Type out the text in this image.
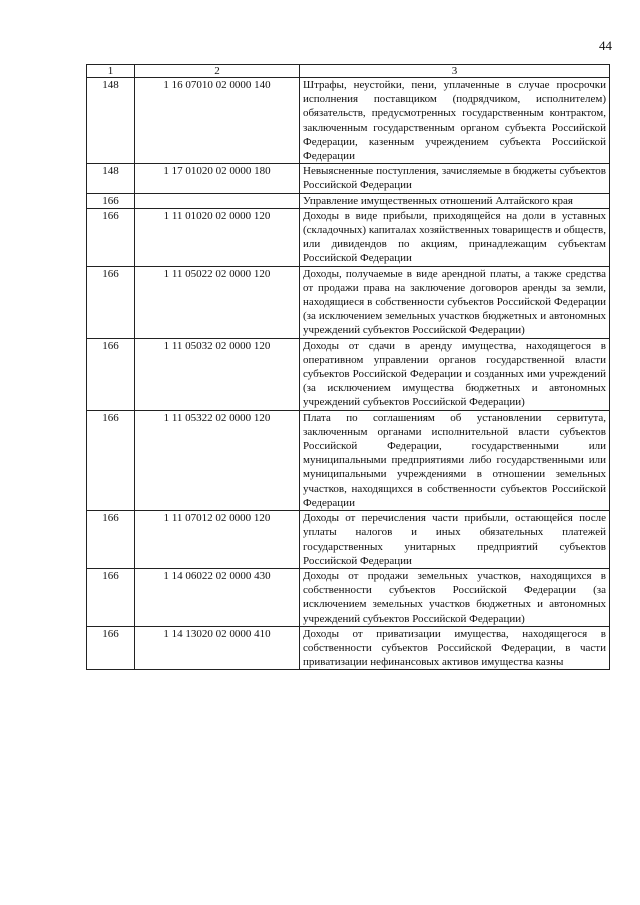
44
1	2	3
148	1 16 07010 02 0000 140	Штрафы, неустойки, пени, уплаченные в случае просрочки исполнения поставщиком (подрядчиком, исполнителем) обязательств, предусмотренных государственным контрактом, заключенным государственным органом субъекта Российской Федерации, казенным учреждением субъекта Российской Федерации
148	1 17 01020 02 0000 180	Невыясненные поступления, зачисляемые в бюджеты субъектов Российской Федерации
166		Управление имущественных отношений Алтайского края
166	1 11 01020 02 0000 120	Доходы в виде прибыли, приходящейся на доли в уставных (складочных) капиталах хозяйственных товариществ и обществ, или дивидендов по акциям, принадлежащим субъектам Российской Федерации
166	1 11 05022 02 0000 120	Доходы, получаемые в виде арендной платы, а также средства от продажи права на заключение договоров аренды за земли, находящиеся в собственности субъектов Российской Федерации (за исключением земельных участков бюджетных и автономных учреждений субъектов Российской Федерации)
166	1 11 05032 02 0000 120	Доходы от сдачи в аренду имущества, находящегося в оперативном управлении органов государственной власти субъектов Российской Федерации и созданных ими учреждений (за исключением имущества бюджетных и автономных учреждений субъектов Российской Федерации)
166	1 11 05322 02 0000 120	Плата по соглашениям об установлении сервитута, заключенным органами исполнительной власти субъектов Российской Федерации, государственными или муниципальными предприятиями либо государственными или муниципальными учреждениями в отношении земельных участков, находящихся в собственности субъектов Российской Федерации
166	1 11 07012 02 0000 120	Доходы от перечисления части прибыли, остающейся после уплаты налогов и иных обязательных платежей государственных унитарных предприятий субъектов Российской Федерации
166	1 14 06022 02 0000 430	Доходы от продажи земельных участков, находящихся в собственности субъектов Российской Федерации (за исключением земельных участков бюджетных и автономных учреждений субъектов Российской Федерации)
166	1 14 13020 02 0000 410	Доходы от приватизации имущества, находящегося в собственности субъектов Российской Федерации, в части приватизации нефинансовых активов имущества казны
